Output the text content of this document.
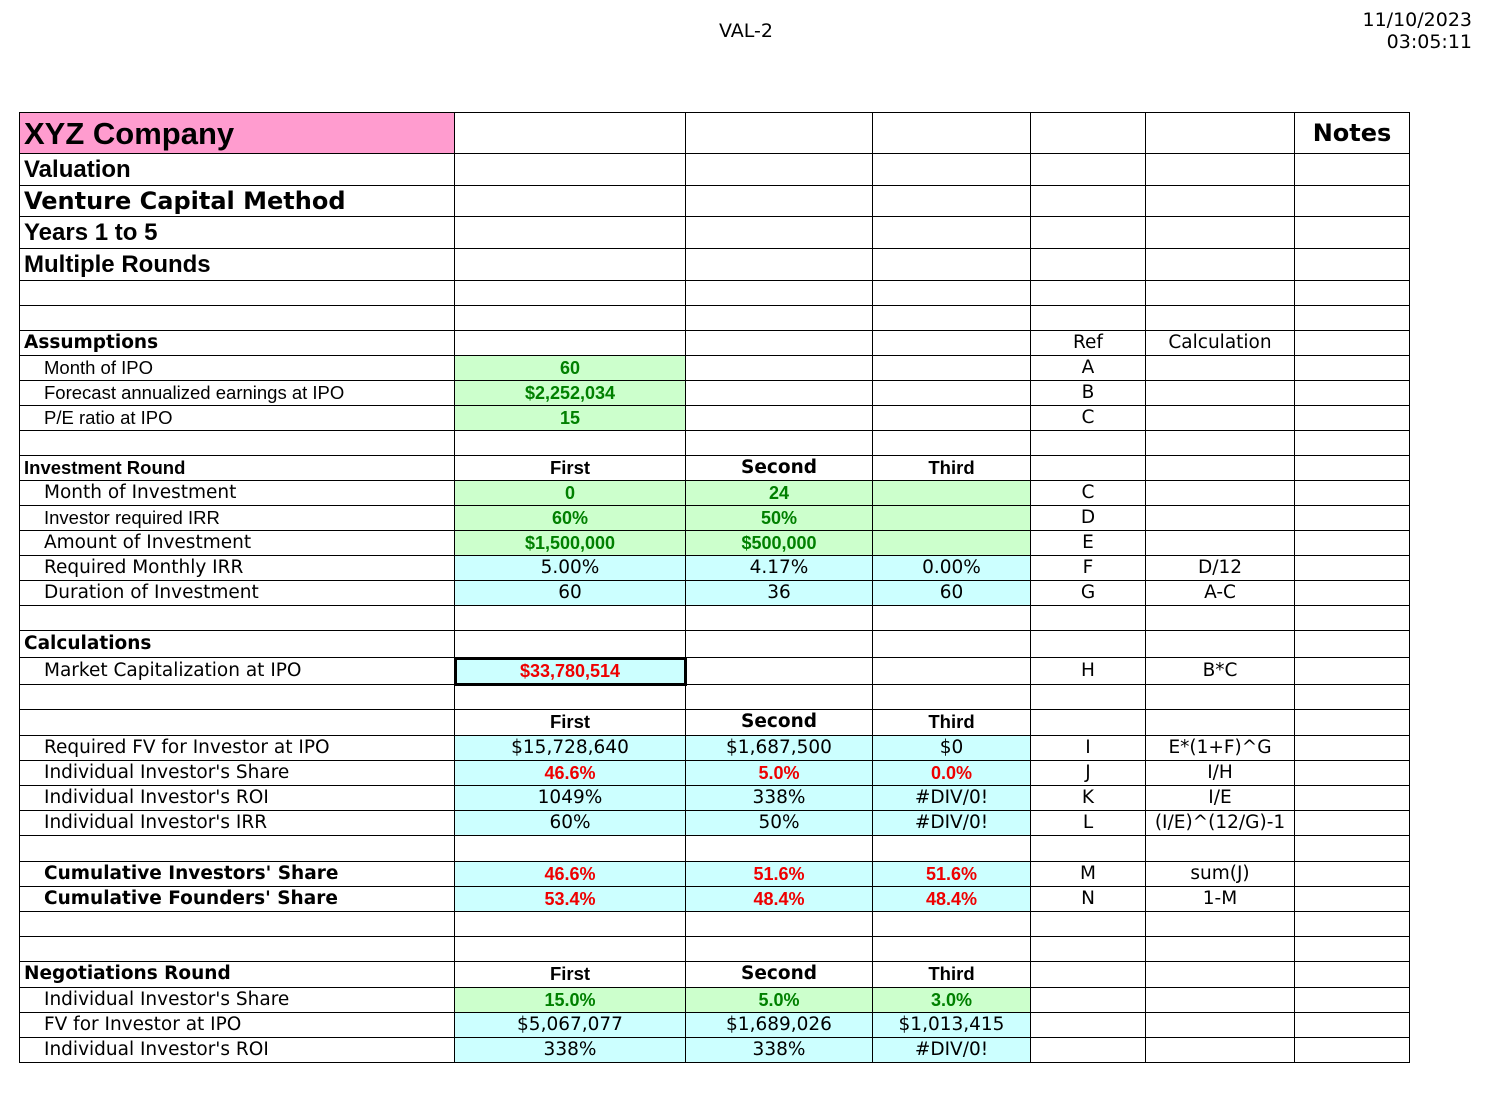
VAL-2	11/10/2023
03:05:11
XYZ Company						Notes
Valuation						
Venture Capital Method						
Years 1 to 5						
Multiple Rounds						

Assumptions				Ref	Calculation	
Month of IPO	60			A		
Forecast annualized earnings at IPO	$2,252,034			B		
P/E ratio at IPO	15			C		

Investment Round	First	Second	Third			
Month of Investment	0	24		C		
Investor required IRR	60%	50%		D		
Amount of Investment	$1,500,000	$500,000		E		
Required Monthly IRR	5.00%	4.17%	0.00%	F	D/12	
Duration of Investment	60	36	60	G	A-C	

Calculations						
Market Capitalization at IPO	$33,780,514			H	B*C	

	First	Second	Third			
Required FV for Investor at IPO	$15,728,640	$1,687,500	$0	I	E*(1+F)^G	
Individual Investor's Share	46.6%	5.0%	0.0%	J	I/H	
Individual Investor's ROI	1049%	338%	#DIV/0!	K	I/E	
Individual Investor's IRR	60%	50%	#DIV/0!	L	(I/E)^(12/G)-1	

Cumulative Investors' Share	46.6%	51.6%	51.6%	M	sum(J)	
Cumulative Founders' Share	53.4%	48.4%	48.4%	N	1-M	

Negotiations Round	First	Second	Third			
Individual Investor's Share	15.0%	5.0%	3.0%			
FV for Investor at IPO	$5,067,077	$1,689,026	$1,013,415			
Individual Investor's ROI	338%	338%	#DIV/0!			
